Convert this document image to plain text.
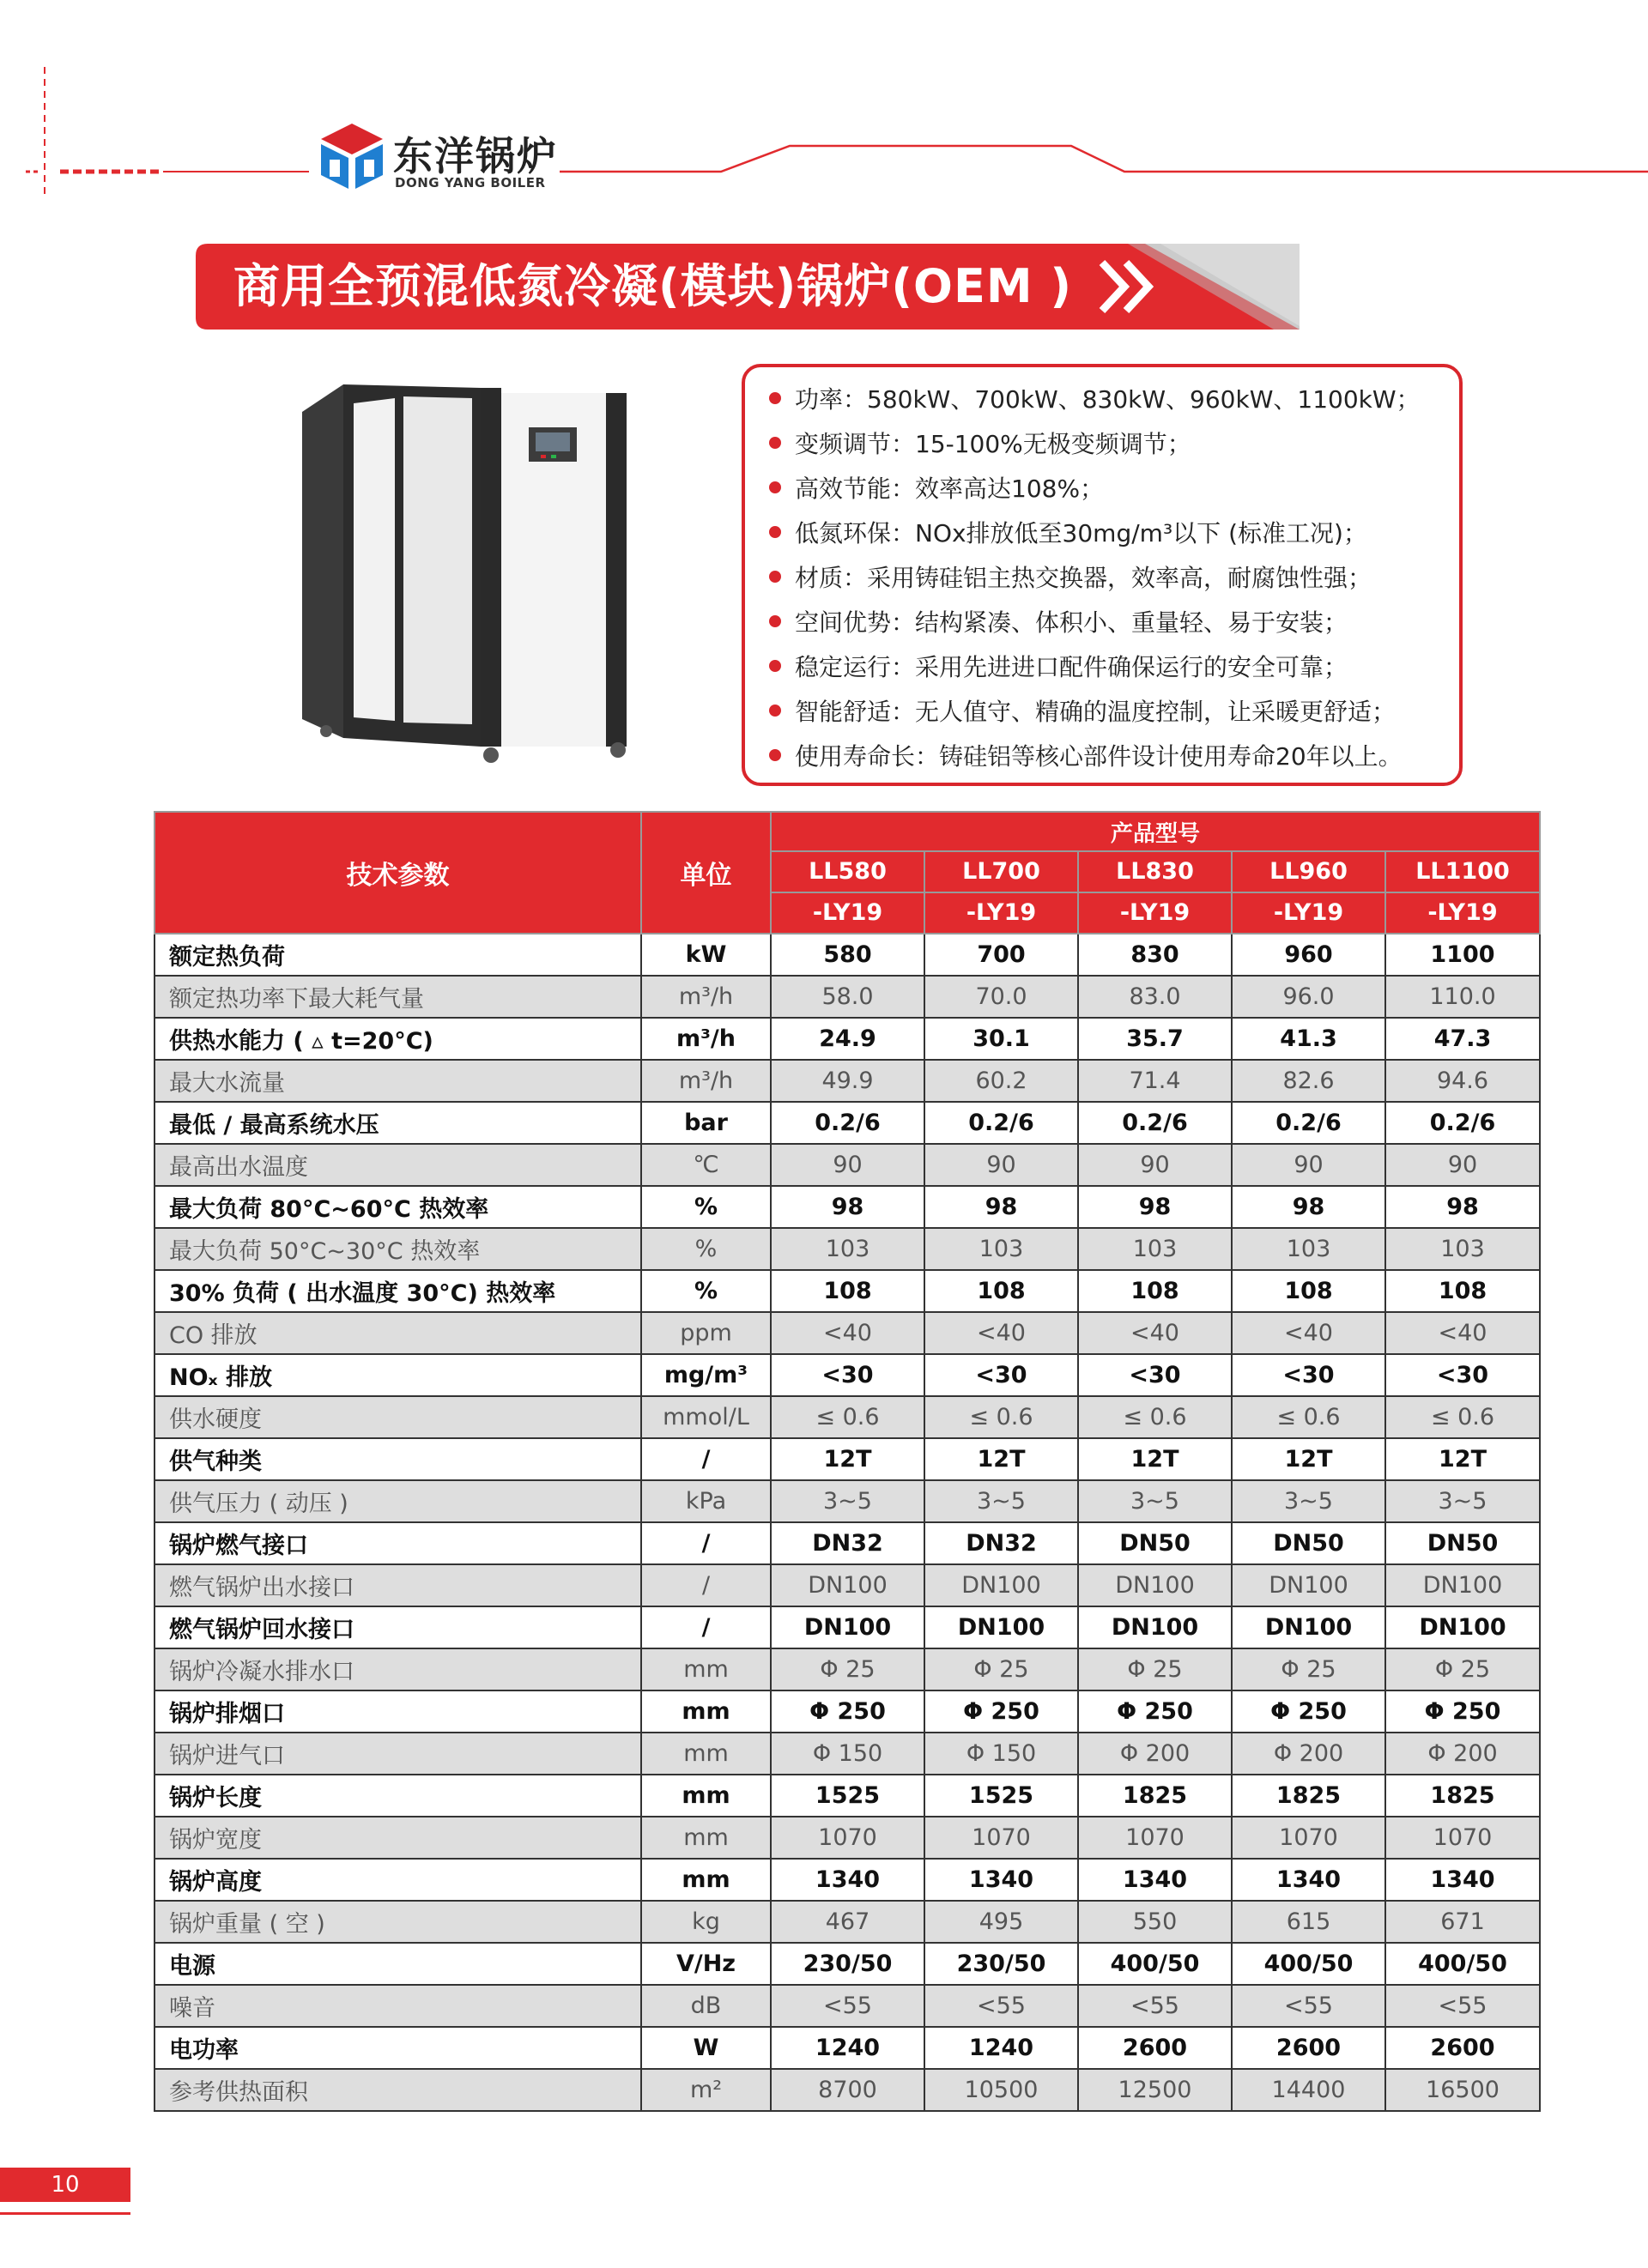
东洋锅炉
DONG YANG BOILER
商用全预混低氮冷凝(模块)锅炉(OEM )
功率：580kW、700kW、830kW、960kW、1100kW；
变频调节：15-100%无极变频调节；
高效节能：效率高达108%；
低氮环保：NOx排放低至30mg/m³以下 (标准工况)；
材质：采用铸硅铝主热交换器，效率高，耐腐蚀性强；
空间优势：结构紧凑、体积小、重量轻、易于安装；
稳定运行：采用先进进口配件确保运行的安全可靠；
智能舒适：无人值守、精确的温度控制，让采暖更舒适；
使用寿命长：铸硅铝等核心部件设计使用寿命20年以上。
技术参数	单位	产品型号				
		LL580	LL700	LL830	LL960	LL1100
		-LY19	-LY19	-LY19	-LY19	-LY19
额定热负荷	kW	580	700	830	960	1100
额定热功率下最大耗气量	m³/h	58.0	70.0	83.0	96.0	110.0
供热水能力 ( ▵ t=20°C)	m³/h	24.9	30.1	35.7	41.3	47.3
最大水流量	m³/h	49.9	60.2	71.4	82.6	94.6
最低 / 最高系统水压	bar	0.2/6	0.2/6	0.2/6	0.2/6	0.2/6
最高出水温度	℃	90	90	90	90	90
最大负荷 80°C~60°C 热效率	%	98	98	98	98	98
最大负荷 50°C~30°C 热效率	%	103	103	103	103	103
30% 负荷 ( 出水温度 30°C) 热效率	%	108	108	108	108	108
CO 排放	ppm	<40	<40	<40	<40	<40
NOₓ 排放	mg/m³	<30	<30	<30	<30	<30
供水硬度	mmol/L	≤ 0.6	≤ 0.6	≤ 0.6	≤ 0.6	≤ 0.6
供气种类	/	12T	12T	12T	12T	12T
供气压力 ( 动压 )	kPa	3~5	3~5	3~5	3~5	3~5
锅炉燃气接口	/	DN32	DN32	DN50	DN50	DN50
燃气锅炉出水接口	/	DN100	DN100	DN100	DN100	DN100
燃气锅炉回水接口	/	DN100	DN100	DN100	DN100	DN100
锅炉冷凝水排水口	mm	Φ 25	Φ 25	Φ 25	Φ 25	Φ 25
锅炉排烟口	mm	Φ 250	Φ 250	Φ 250	Φ 250	Φ 250
锅炉进气口	mm	Φ 150	Φ 150	Φ 200	Φ 200	Φ 200
锅炉长度	mm	1525	1525	1825	1825	1825
锅炉宽度	mm	1070	1070	1070	1070	1070
锅炉高度	mm	1340	1340	1340	1340	1340
锅炉重量 ( 空 )	kg	467	495	550	615	671
电源	V/Hz	230/50	230/50	400/50	400/50	400/50
噪音	dB	<55	<55	<55	<55	<55
电功率	W	1240	1240	2600	2600	2600
参考供热面积	m²	8700	10500	12500	14400	16500
10
